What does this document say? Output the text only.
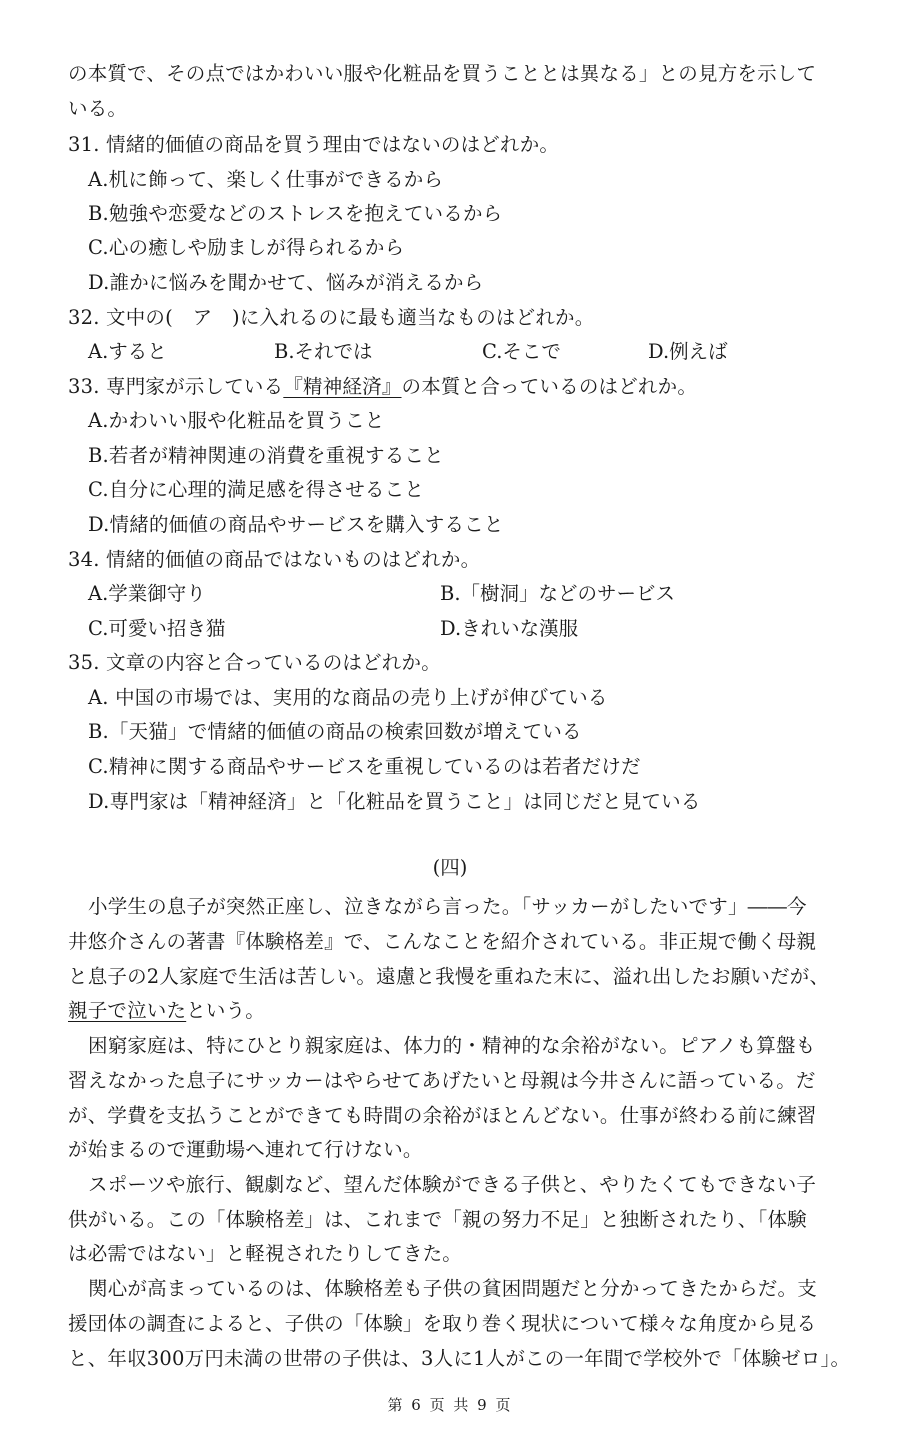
の本質で、その点ではかわいい服や化粧品を買うこととは異なる」との見方を示して
いる。
31. 情緒的価値の商品を買う理由ではないのはどれか。
A.机に飾って、楽しく仕事ができるから
B.勉強や恋愛などのストレスを抱えているから
C.心の癒しや励ましが得られるから
D.誰かに悩みを聞かせて、悩みが消えるから
32. 文中の(　ア　)に入れるのに最も適当なものはどれか。
A.すると	B.それでは	C.そこで	D.例えば
33. 専門家が示している『精神経済』の本質と合っているのはどれか。
A.かわいい服や化粧品を買うこと
B.若者が精神関連の消費を重視すること
C.自分に心理的満足感を得させること
D.情緒的価値の商品やサービスを購入すること
34. 情緒的価値の商品ではないものはどれか。
A.学業御守り	B.「樹洞」などのサービス
C.可愛い招き猫	D.きれいな漢服
35. 文章の内容と合っているのはどれか。
A. 中国の市場では、実用的な商品の売り上げが伸びている
B.「天猫」で情緒的価値の商品の検索回数が増えている
C.精神に関する商品やサービスを重視しているのは若者だけだ
D.専門家は「精神経済」と「化粧品を買うこと」は同じだと見ている
(四)
小学生の息子が突然正座し、泣きながら言った。「サッカーがしたいです」――今
井悠介さんの著書『体験格差』で、こんなことを紹介されている。非正規で働く母親
と息子の2人家庭で生活は苦しい。遠慮と我慢を重ねた末に、溢れ出したお願いだが、
親子で泣いたという。
困窮家庭は、特にひとり親家庭は、体力的・精神的な余裕がない。ピアノも算盤も
習えなかった息子にサッカーはやらせてあげたいと母親は今井さんに語っている。だ
が、学費を支払うことができても時間の余裕がほとんどない。仕事が終わる前に練習
が始まるので運動場へ連れて行けない。
スポーツや旅行、観劇など、望んだ体験ができる子供と、やりたくてもできない子
供がいる。この「体験格差」は、これまで「親の努力不足」と独断されたり、「体験
は必需ではない」と軽視されたりしてきた。
関心が高まっているのは、体験格差も子供の貧困問題だと分かってきたからだ。支
援団体の調査によると、子供の「体験」を取り巻く現状について様々な角度から見る
と、年収300万円未満の世帯の子供は、3人に1人がこの一年間で学校外で「体験ゼロ」。
第 6 页 共 9 页
